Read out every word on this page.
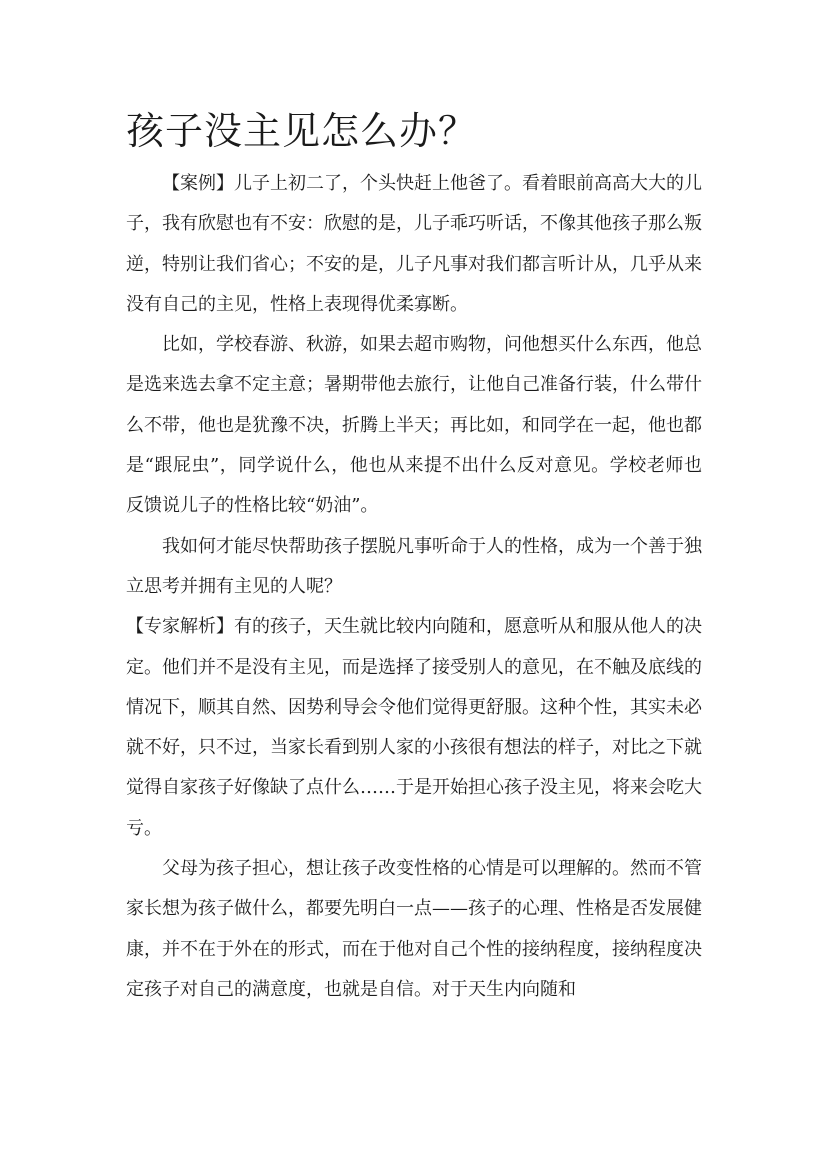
孩子没主见怎么办？

【案例】儿子上初二了，个头快赶上他爸了。看着眼前高高大大的儿子，我有欣慰也有不安：欣慰的是，儿子乖巧听话，不像其他孩子那么叛逆，特别让我们省心；不安的是，儿子凡事对我们都言听计从，几乎从来没有自己的主见，性格上表现得优柔寡断。

比如，学校春游、秋游，如果去超市购物，问他想买什么东西，他总是选来选去拿不定主意；暑期带他去旅行，让他自己准备行装，什么带什么不带，他也是犹豫不决，折腾上半天；再比如，和同学在一起，他也都是“跟屁虫”，同学说什么，他也从来提不出什么反对意见。学校老师也反馈说儿子的性格比较“奶油”。

我如何才能尽快帮助孩子摆脱凡事听命于人的性格，成为一个善于独立思考并拥有主见的人呢？

【专家解析】有的孩子，天生就比较内向随和，愿意听从和服从他人的决定。他们并不是没有主见，而是选择了接受别人的意见，在不触及底线的情况下，顺其自然、因势利导会令他们觉得更舒服。这种个性，其实未必就不好，只不过，当家长看到别人家的小孩很有想法的样子，对比之下就觉得自家孩子好像缺了点什么……于是开始担心孩子没主见，将来会吃大亏。

父母为孩子担心，想让孩子改变性格的心情是可以理解的。然而不管家长想为孩子做什么，都要先明白一点——孩子的心理、性格是否发展健康，并不在于外在的形式，而在于他对自己个性的接纳程度，接纳程度决定孩子对自己的满意度，也就是自信。对于天生内向随和
